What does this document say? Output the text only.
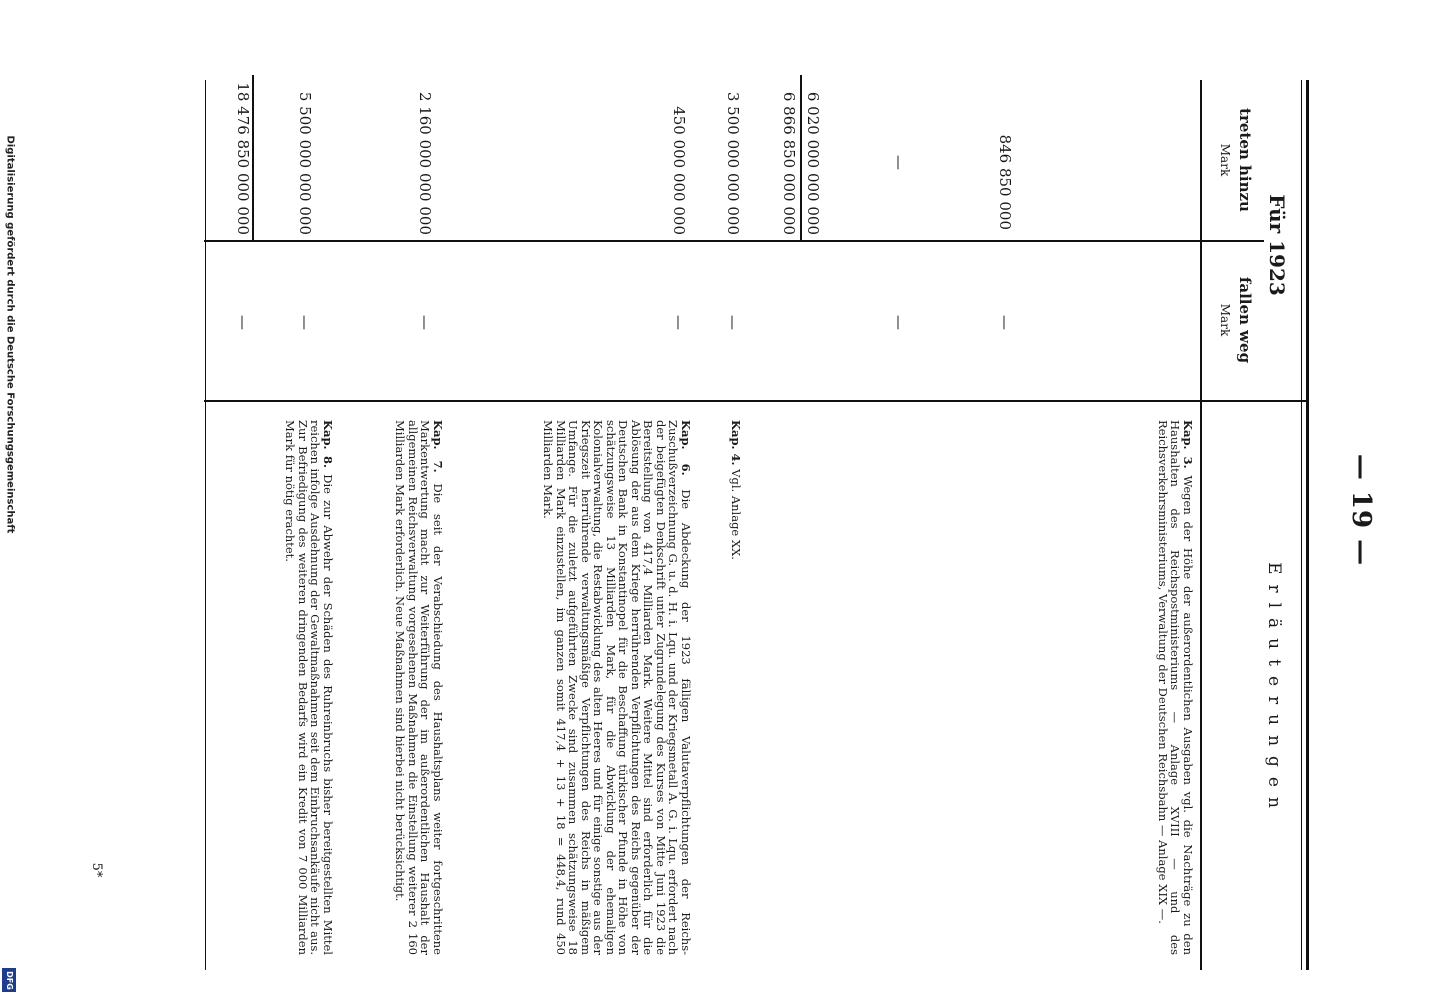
— 19 —
Für 1923
treten hinzu
Mark
fallen weg
Mark
Erläuterungen
846 850 000
—
6 020 000 000 000
6 866 850 000 000
3 500 000 000 000
450 000 000 000
2 160 000 000 000
5 500 000 000 000
18 476 850 000 000
—
—
—
—
—
—
—
Kap. 3. Wegen der Höhe der außerordentlichen Ausgaben vgl. die Nachträge zu den Haushalten des Reichspostministeriums — Anlage XVIII — und des Reichsverkehrsministeriums, Verwaltung der Deutschen Reichsbahn — Anlage XIX —.
Kap. 4. Vgl. Anlage XX.
Kap. 6. Die Abdeckung der 1923 fälligen Valutaverpflichtungen der Reichs-Zuschußverzeichnung G. u. d. H. i. Lqu. und der Kriegsmetall A. G. i. Lqu. erfordert nach der beigefügten Denkschrift unter Zugrundelegung des Kurses von Mitte Juni 1923 die Bereitstellung von 417,4 Milliarden Mark. Weitere Mittel sind erforderlich für die Ablösung der aus dem Kriege herrührenden Verpflichtungen des Reichs gegenüber der Deutschen Bank in Konstantinopel für die Beschaffung türkischer Pfunde in Höhe von schätzungsweise 13 Milliarden Mark, für die Abwicklung der ehemaligen Kolonialverwaltung, die Restabwicklung des alten Heeres und für einige sonstige aus der Kriegszeit herrührende verwaltungsmäßige Verpflichtungen des Reichs in mäßigem Umfange. Für die zuletzt aufgeführten Zwecke sind zusammen schätzungsweise 18 Milliarden Mark einzustellen, im ganzen somit 417,4 + 13 + 18 = 448,4, rund 450 Milliarden Mark.
Kap. 7. Die seit der Verabschiedung des Haushaltsplans weiter fortgeschrittene Markentwertung macht zur Weiterführung der im außerordentlichen Haushalt der allgemeinen Reichsverwaltung vorgesehenen Maßnahmen die Einstellung weiterer 2 160 Milliarden Mark erforderlich. Neue Maßnahmen sind hierbei nicht berücksichtigt.
Kap. 8. Die zur Abwehr der Schäden des Ruhreinbruchs bisher bereitgestellten Mittel reichen infolge Ausdehnung der Gewaltmaßnahmen seit dem Einbruchsankäufe nicht aus. Zur Befriedigung des weiteren dringenden Bedarfs wird ein Kredit von 7 000 Milliarden Mark für nötig erachtet.
5*
Digitalisierung gefördert durch die Deutsche Forschungsgemeinschaft
DFG
